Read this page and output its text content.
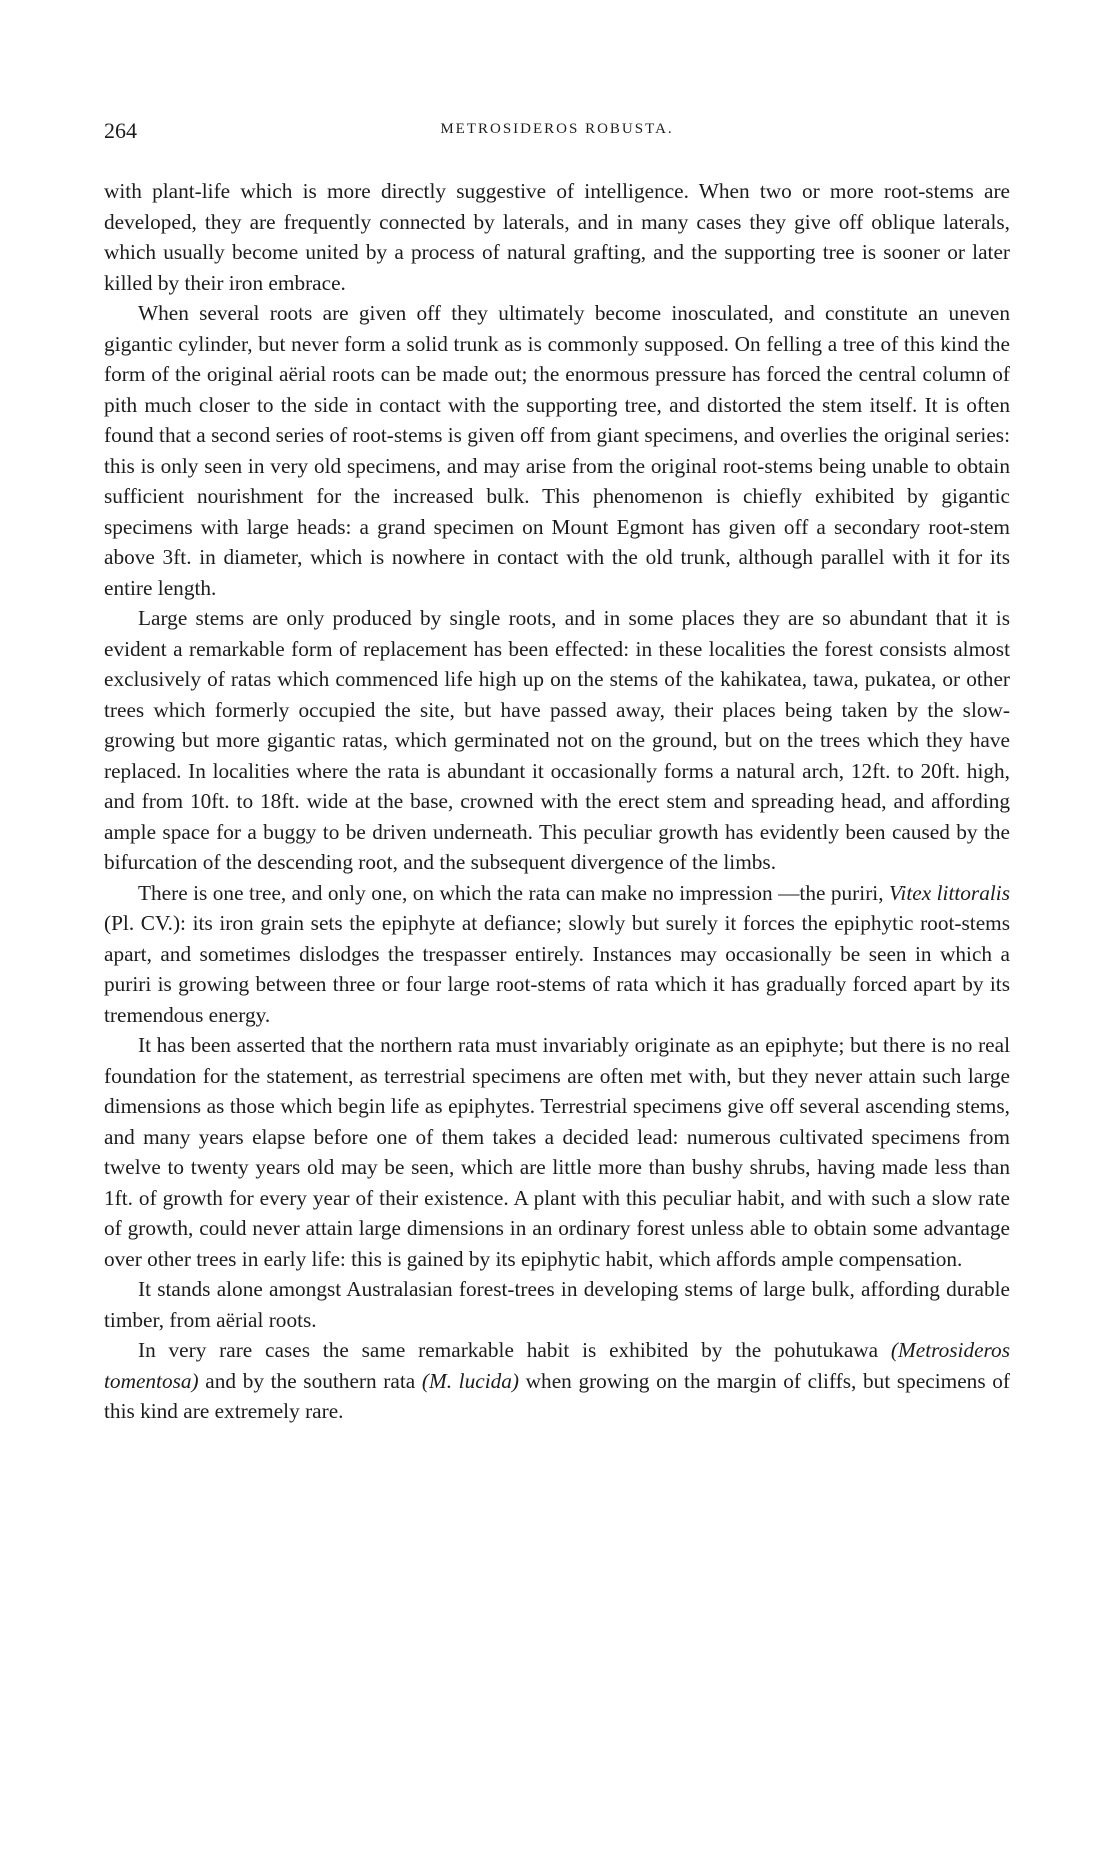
264	METROSIDEROS ROBUSTA.

with plant-life which is more directly suggestive of intelligence. When two or more root-stems are developed, they are frequently connected by laterals, and in many cases they give off oblique laterals, which usually become united by a process of natural grafting, and the supporting tree is sooner or later killed by their iron embrace.

When several roots are given off they ultimately become inosculated, and constitute an uneven gigantic cylinder, but never form a solid trunk as is commonly supposed. On felling a tree of this kind the form of the original aërial roots can be made out; the enormous pressure has forced the central column of pith much closer to the side in contact with the supporting tree, and distorted the stem itself. It is often found that a second series of root-stems is given off from giant specimens, and overlies the original series: this is only seen in very old specimens, and may arise from the original root-stems being unable to obtain sufficient nourishment for the increased bulk. This phenomenon is chiefly exhibited by gigantic specimens with large heads: a grand specimen on Mount Egmont has given off a secondary root-stem above 3ft. in diameter, which is nowhere in contact with the old trunk, although parallel with it for its entire length.

Large stems are only produced by single roots, and in some places they are so abundant that it is evident a remarkable form of replacement has been effected: in these localities the forest consists almost exclusively of ratas which commenced life high up on the stems of the kahikatea, tawa, pukatea, or other trees which formerly occupied the site, but have passed away, their places being taken by the slow-growing but more gigantic ratas, which germinated not on the ground, but on the trees which they have replaced. In localities where the rata is abundant it occasionally forms a natural arch, 12ft. to 20ft. high, and from 10ft. to 18ft. wide at the base, crowned with the erect stem and spreading head, and affording ample space for a buggy to be driven underneath. This peculiar growth has evidently been caused by the bifurcation of the descending root, and the subsequent divergence of the limbs.

There is one tree, and only one, on which the rata can make no impression —the puriri, Vitex littoralis (Pl. CV.): its iron grain sets the epiphyte at defiance; slowly but surely it forces the epiphytic root-stems apart, and sometimes dislodges the trespasser entirely. Instances may occasionally be seen in which a puriri is growing between three or four large root-stems of rata which it has gradually forced apart by its tremendous energy.

It has been asserted that the northern rata must invariably originate as an epiphyte; but there is no real foundation for the statement, as terrestrial specimens are often met with, but they never attain such large dimensions as those which begin life as epiphytes. Terrestrial specimens give off several ascending stems, and many years elapse before one of them takes a decided lead: numerous cultivated specimens from twelve to twenty years old may be seen, which are little more than bushy shrubs, having made less than 1ft. of growth for every year of their existence. A plant with this peculiar habit, and with such a slow rate of growth, could never attain large dimensions in an ordinary forest unless able to obtain some advantage over other trees in early life: this is gained by its epiphytic habit, which affords ample compensation.

It stands alone amongst Australasian forest-trees in developing stems of large bulk, affording durable timber, from aërial roots.

In very rare cases the same remarkable habit is exhibited by the pohutukawa (Metrosideros tomentosa) and by the southern rata (M. lucida) when growing on the margin of cliffs, but specimens of this kind are extremely rare.
